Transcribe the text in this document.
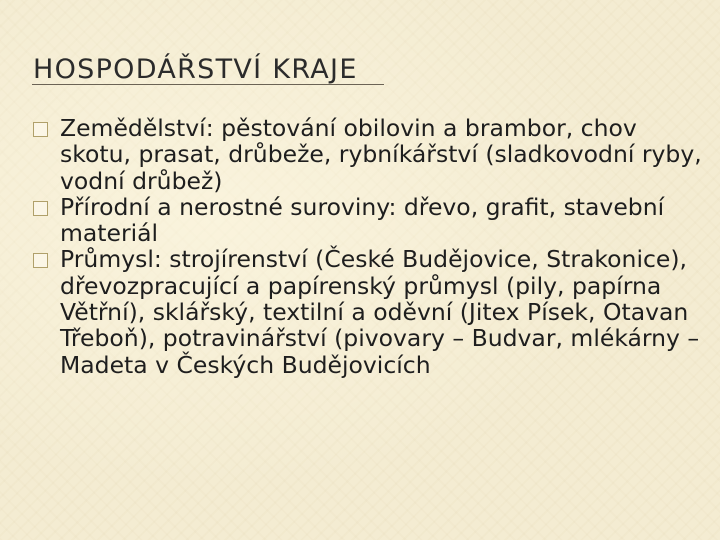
HOSPODÁŘSTVÍ KRAJE
Zemědělství: pěstování obilovin a brambor, chov skotu, prasat, drůbeže, rybníkářství (sladkovodní ryby, vodní drůbež)
Přírodní a nerostné suroviny: dřevo, grafit, stavební materiál
Průmysl: strojírenství (České Budějovice, Strakonice), dřevozpracující a papírenský průmysl (pily, papírna Větřní), sklářský, textilní a oděvní (Jitex Písek, Otavan Třeboň), potravinářství (pivovary – Budvar, mlékárny – Madeta v Českých Budějovicích
